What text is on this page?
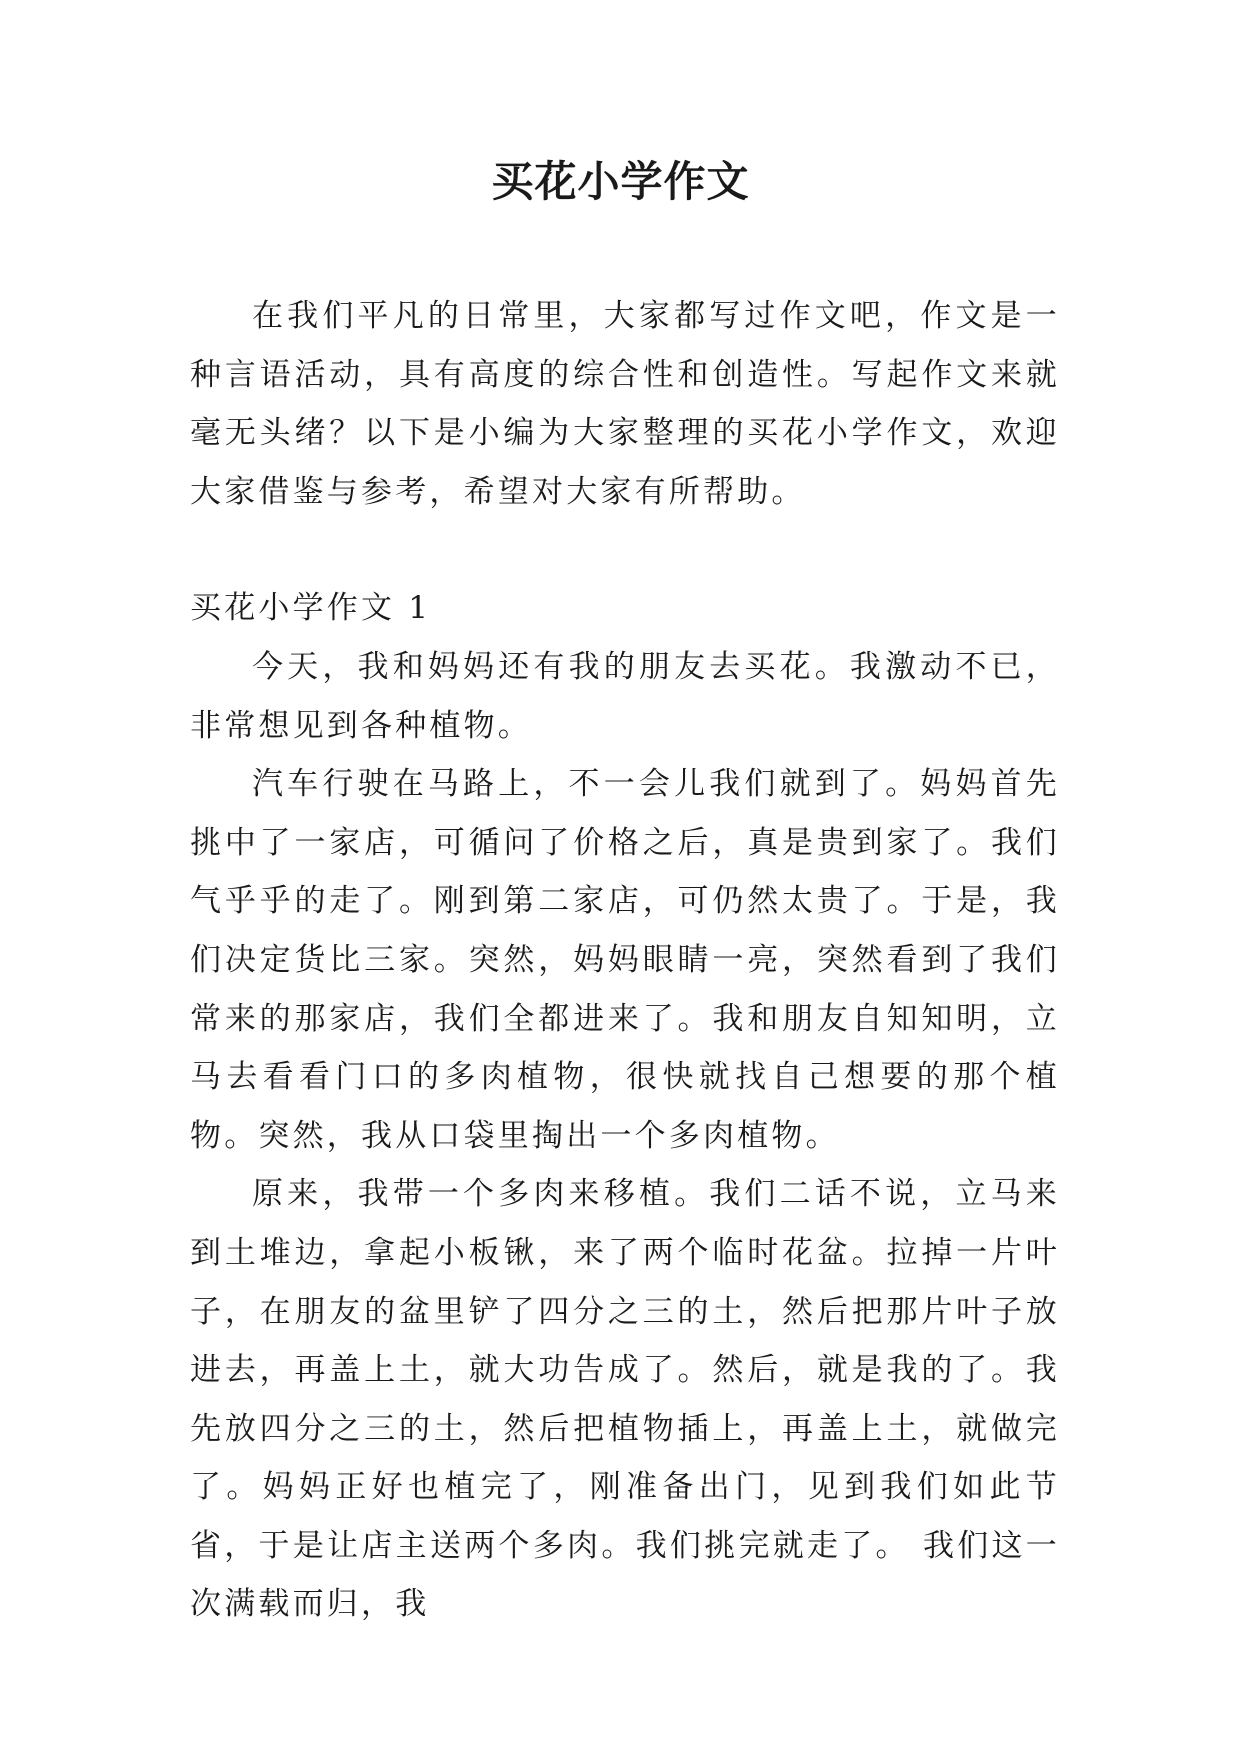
买花小学作文

在我们平凡的日常里，大家都写过作文吧，作文是一种言语活动，具有高度的综合性和创造性。写起作文来就毫无头绪？以下是小编为大家整理的买花小学作文，欢迎大家借鉴与参考，希望对大家有所帮助。

买花小学作文 1

今天，我和妈妈还有我的朋友去买花。我激动不已，非常想见到各种植物。

汽车行驶在马路上，不一会儿我们就到了。妈妈首先挑中了一家店，可循问了价格之后，真是贵到家了。我们气乎乎的走了。刚到第二家店，可仍然太贵了。于是，我们决定货比三家。突然，妈妈眼睛一亮，突然看到了我们常来的那家店，我们全都进来了。我和朋友自知知明，立马去看看门口的多肉植物，很快就找自己想要的那个植物。突然，我从口袋里掏出一个多肉植物。

原来，我带一个多肉来移植。我们二话不说，立马来到土堆边，拿起小板锹，来了两个临时花盆。拉掉一片叶子，在朋友的盆里铲了四分之三的土，然后把那片叶子放进去，再盖上土，就大功告成了。然后，就是我的了。我先放四分之三的土，然后把植物插上，再盖上土，就做完了。妈妈正好也植完了，刚准备出门，见到我们如此节省，于是让店主送两个多肉。我们挑完就走了。 我们这一次满载而归，我
